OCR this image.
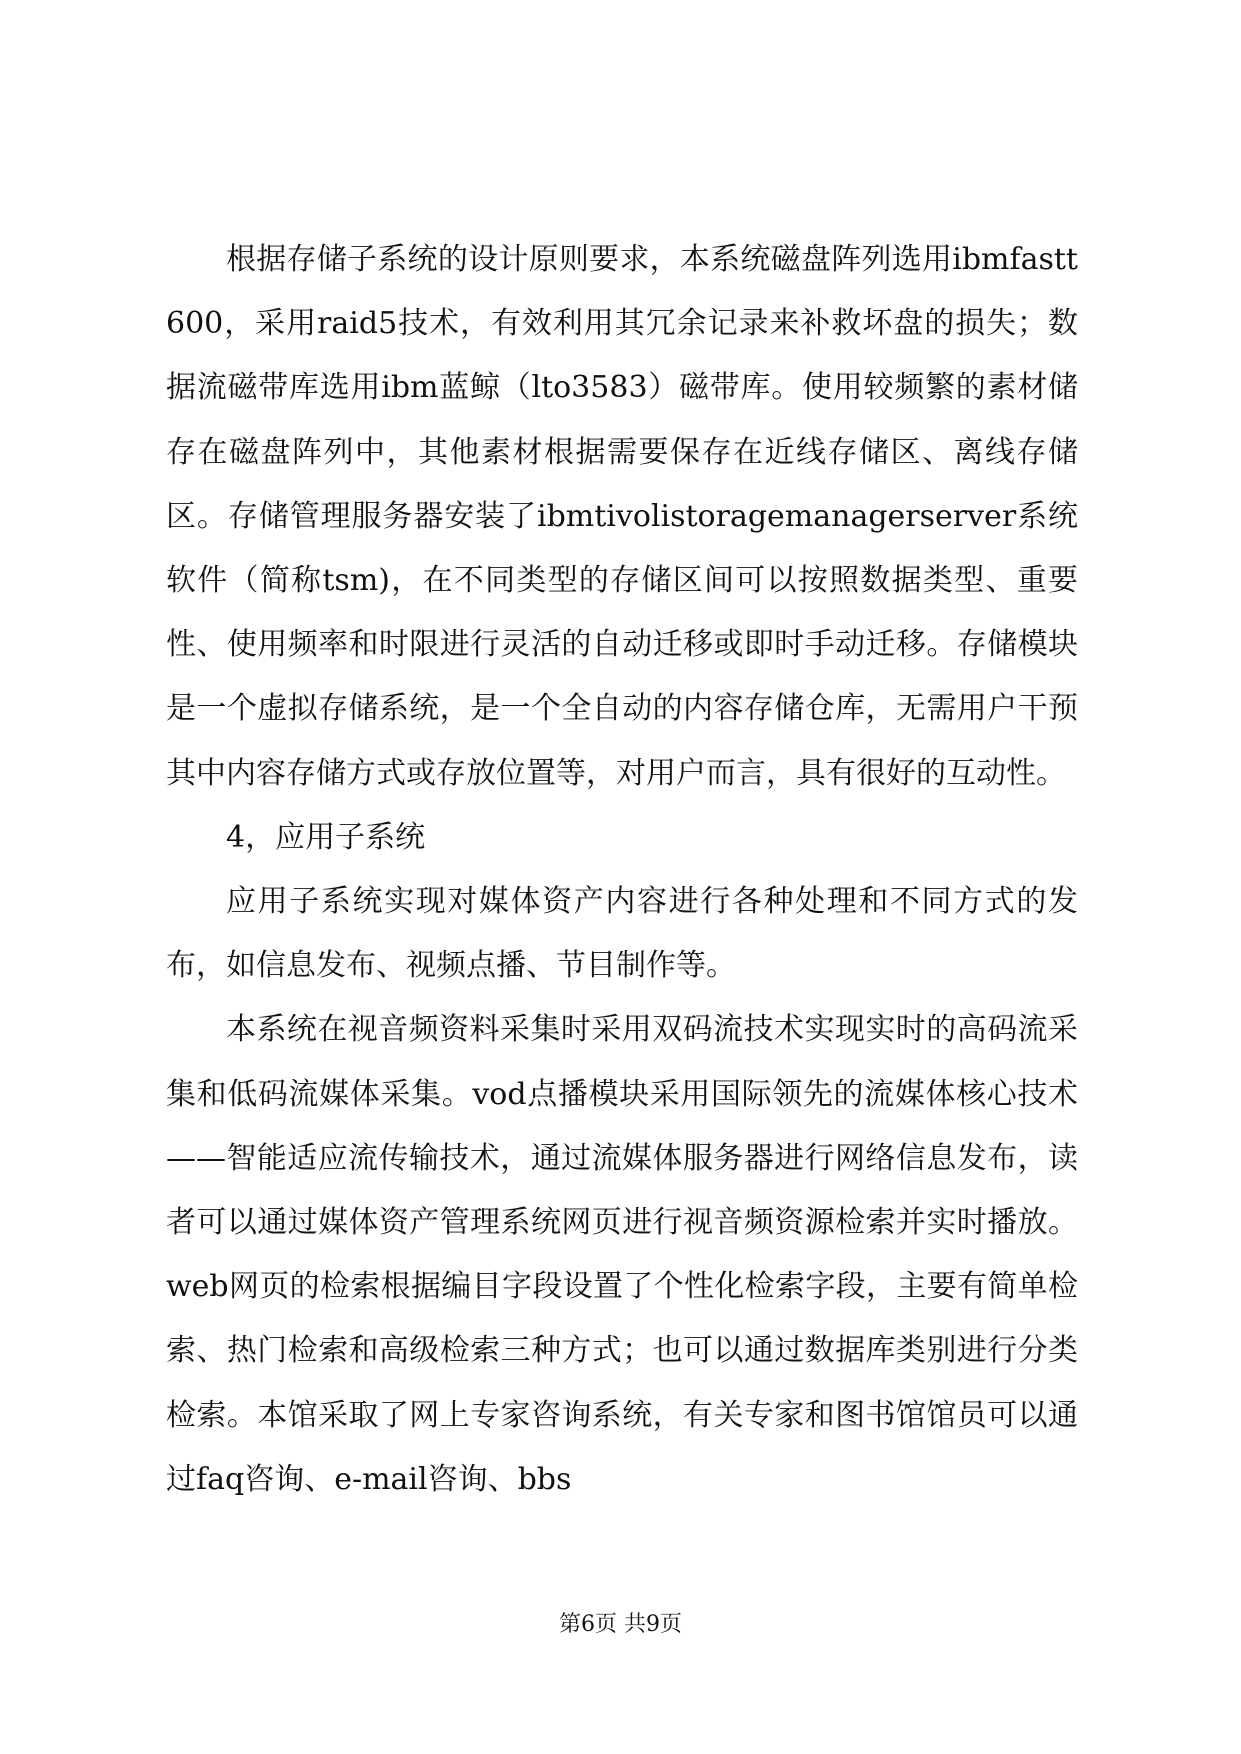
根据存储子系统的设计原则要求，本系统磁盘阵列选用ibmfastt600，采用raid5技术，有效利用其冗余记录来补救坏盘的损失；数据流磁带库选用ibm蓝鲸（lto3583）磁带库。使用较频繁的素材储存在磁盘阵列中，其他素材根据需要保存在近线存储区、离线存储区。存储管理服务器安装了ibmtivolistoragemanagerserver系统软件（简称tsm)，在不同类型的存储区间可以按照数据类型、重要性、使用频率和时限进行灵活的自动迁移或即时手动迁移。存储模块是一个虚拟存储系统，是一个全自动的内容存储仓库，无需用户干预其中内容存储方式或存放位置等，对用户而言，具有很好的互动性。

4，应用子系统

应用子系统实现对媒体资产内容进行各种处理和不同方式的发布，如信息发布、视频点播、节目制作等。

本系统在视音频资料采集时采用双码流技术实现实时的高码流采集和低码流媒体采集。vod点播模块采用国际领先的流媒体核心技术——智能适应流传输技术，通过流媒体服务器进行网络信息发布，读者可以通过媒体资产管理系统网页进行视音频资源检索并实时播放。web网页的检索根据编目字段设置了个性化检索字段，主要有简单检索、热门检索和高级检索三种方式；也可以通过数据库类别进行分类检索。本馆采取了网上专家咨询系统，有关专家和图书馆馆员可以通过faq咨询、e-mail咨询、bbs

第6页 共9页
